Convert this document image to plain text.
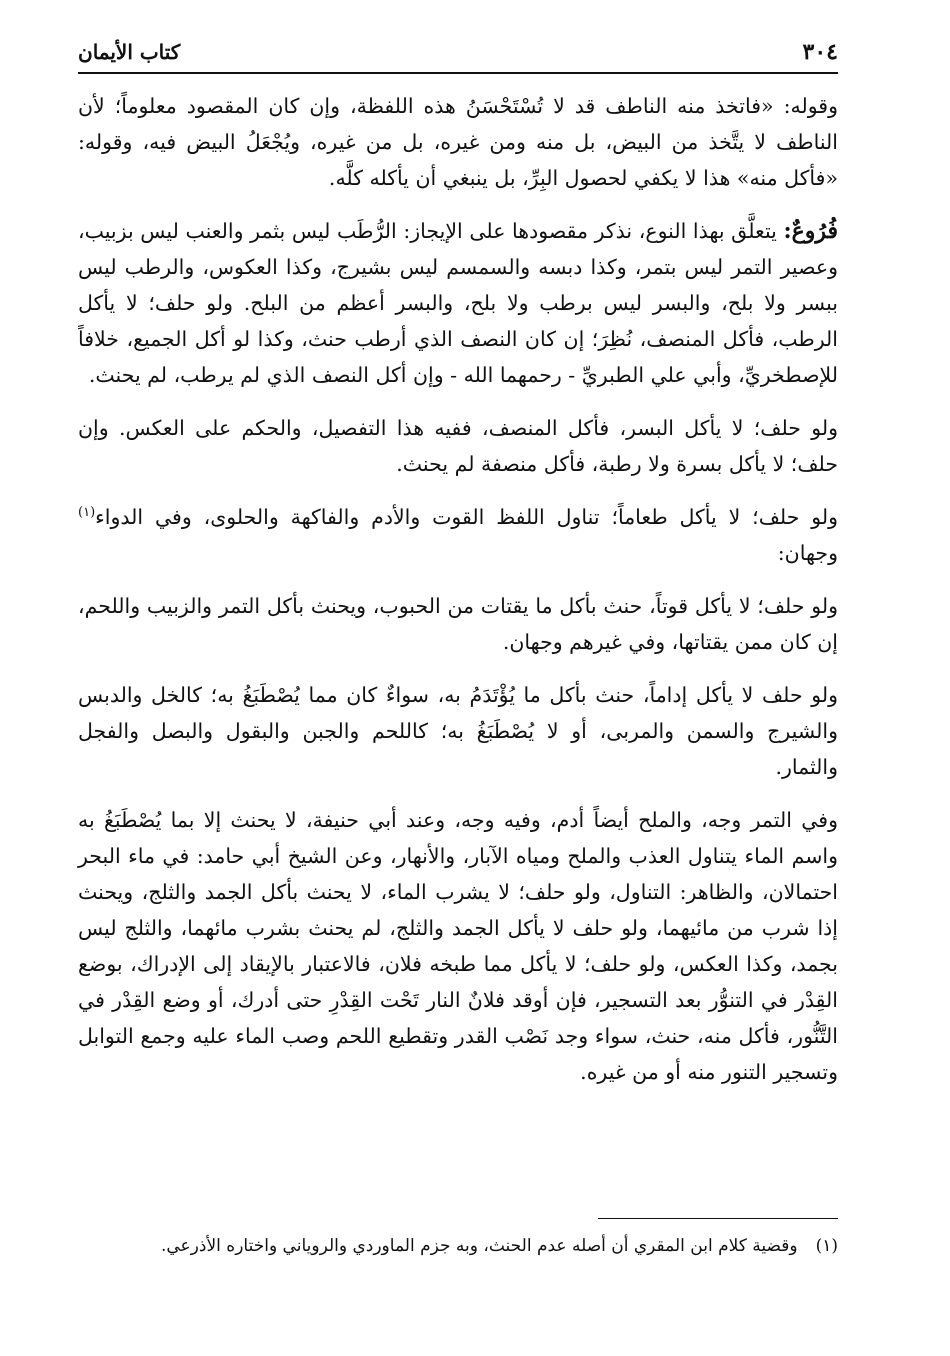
٣٠٤
كتاب الأيمان

وقوله: «فاتخذ منه الناطف قد لا تُسْتَحْسَنُ هذه اللفظة، وإن كان المقصود معلوماً؛ لأن الناطف لا يتَّخذ من البيض، بل منه ومن غيره، بل من غيره، ويُجْعَلُ البيض فيه، وقوله: «فأكل منه» هذا لا يكفي لحصول البِرِّ، بل ينبغي أن يأكله كلَّه.

فُرُوعٌ: يتعلَّق بهذا النوع، نذكر مقصودها على الإيجاز: الرُّطَب ليس بثمر والعنب ليس بزبيب، وعصير التمر ليس بتمر، وكذا دبسه والسمسم ليس بشيرج، وكذا العكوس، والرطب ليس ببسر ولا بلح، والبسر ليس برطب ولا بلح، والبسر أعظم من البلح. ولو حلف؛ لا يأكل الرطب، فأكل المنصف، نُظِرَ؛ إن كان النصف الذي أرطب حنث، وكذا لو أكل الجميع، خلافاً للإصطخريِّ، وأبي علي الطبريِّ - رحمهما الله - وإن أكل النصف الذي لم يرطب، لم يحنث.

ولو حلف؛ لا يأكل البسر، فأكل المنصف، ففيه هذا التفصيل، والحكم على العكس. وإن حلف؛ لا يأكل بسرة ولا رطبة، فأكل منصفة لم يحنث.

ولو حلف؛ لا يأكل طعاماً؛ تناول اللفظ القوت والأدم والفاكهة والحلوى، وفي الدواء$^{(١)}$ وجهان:

ولو حلف؛ لا يأكل قوتاً، حنث بأكل ما يقتات من الحبوب، ويحنث بأكل التمر والزبيب واللحم، إن كان ممن يقتاتها، وفي غيرهم وجهان.

ولو حلف لا يأكل إداماً، حنث بأكل ما يُؤْتَدَمُ به، سواءٌ كان مما يُصْطَبَغُ به؛ كالخل والدبس والشيرج والسمن والمربى، أو لا يُصْطَبَغُ به؛ كاللحم والجبن والبقول والبصل والفجل والثمار.

وفي التمر وجه، والملح أيضاً أدم، وفيه وجه، وعند أبي حنيفة، لا يحنث إلا بما يُصْطَبَغُ به واسم الماء يتناول العذب والملح ومياه الآبار، والأنهار، وعن الشيخ أبي حامد: في ماء البحر احتمالان، والظاهر: التناول، ولو حلف؛ لا يشرب الماء، لا يحنث بأكل الجمد والثلج، ويحنث إذا شرب من مائيهما، ولو حلف لا يأكل الجمد والثلج، لم يحنث بشرب مائهما، والثلج ليس بجمد، وكذا العكس، ولو حلف؛ لا يأكل مما طبخه فلان، فالاعتبار بالإيقاد إلى الإدراك، بوضع القِدْر في التنوُّر بعد التسجير، فإن أوقد فلانٌ النار تَحْت القِدْرِ حتى أدرك، أو وضع القِدْر في التَّنُّور، فأكل منه، حنث، سواء وجد نَصْب القدر وتقطيع اللحم وصب الماء عليه وجمع التوابل وتسجير التنور منه أو من غيره.

(١)وقضية كلام ابن المقري أن أصله عدم الحنث، وبه جزم الماوردي والروياني واختاره الأذرعي.
